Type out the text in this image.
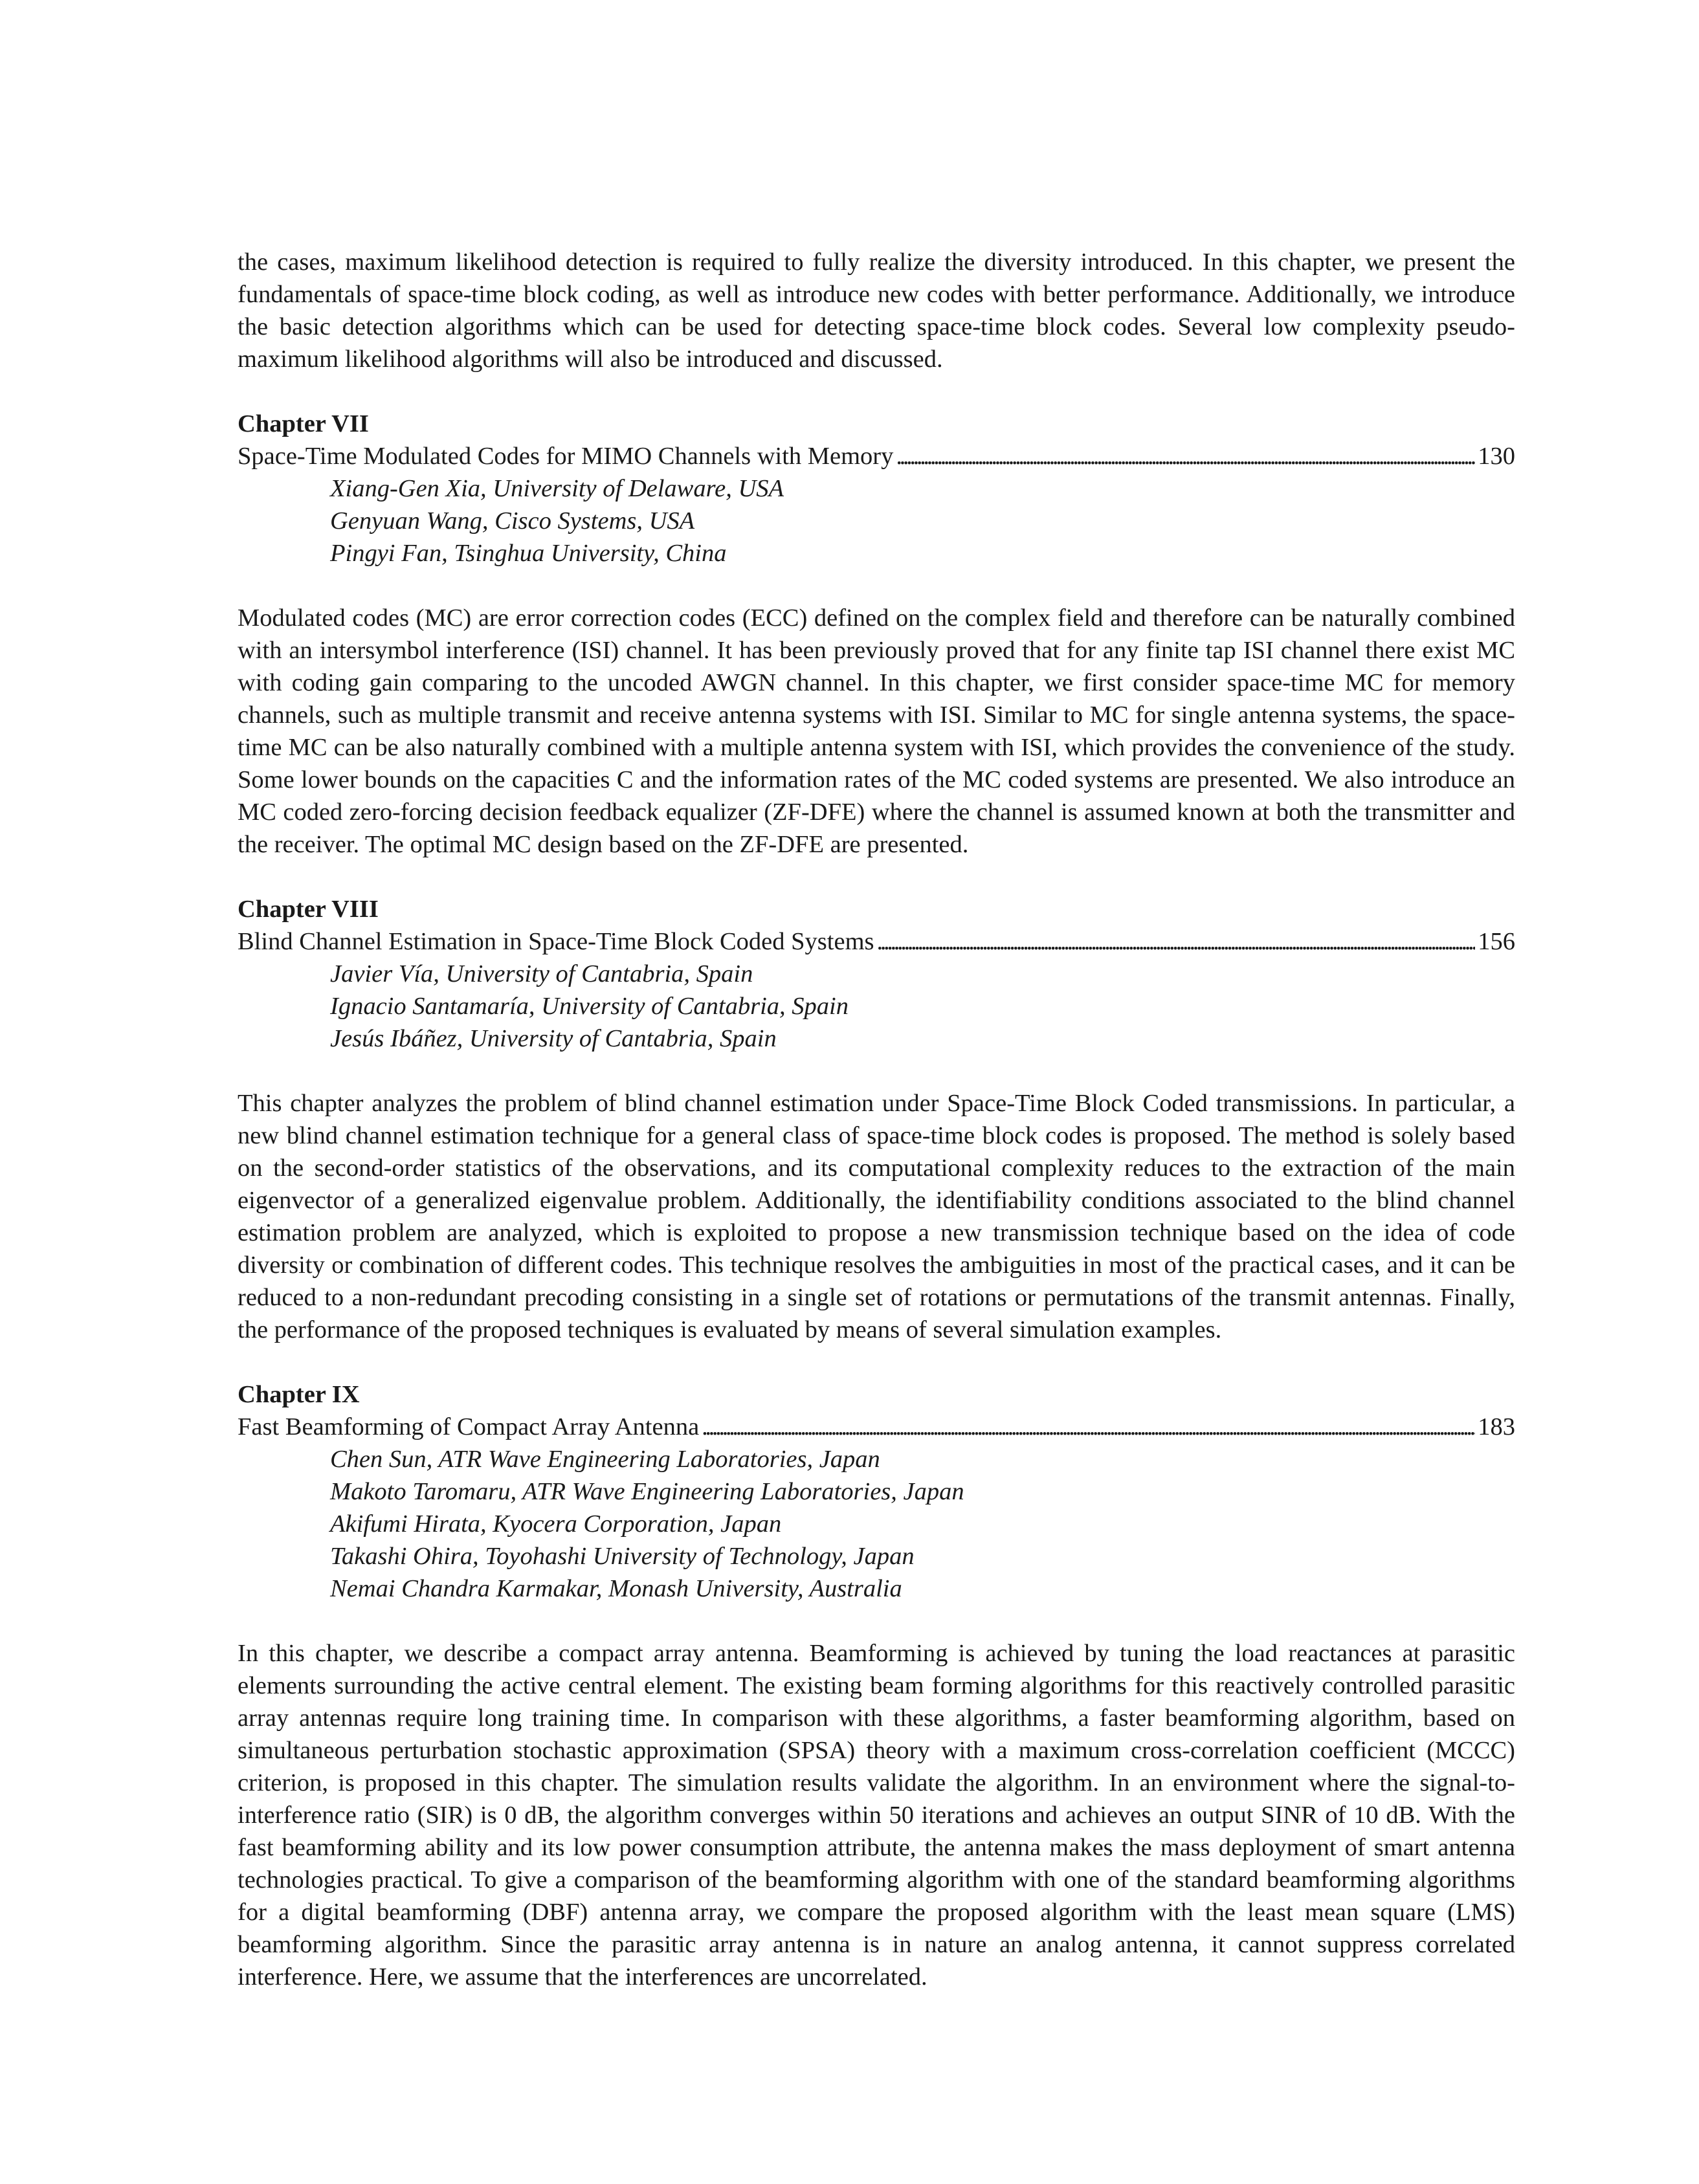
the cases, maximum likelihood detection is required to fully realize the diversity introduced. In this chapter, we present the fundamentals of space-time block coding, as well as introduce new codes with better performance. Additionally, we introduce the basic detection algorithms which can be used for detecting space-time block codes. Several low complexity pseudo-maximum likelihood algorithms will also be introduced and discussed.

Chapter VII

Space-Time Modulated Codes for MIMO Channels with Memory . . .	130

Xiang-Gen Xia, University of Delaware, USA
Genyuan Wang, Cisco Systems, USA
Pingyi Fan, Tsinghua University, China

Modulated codes (MC) are error correction codes (ECC) defined on the complex field and therefore can be naturally combined with an intersymbol interference (ISI) channel. It has been previously proved that for any finite tap ISI channel there exist MC with coding gain comparing to the uncoded AWGN channel. In this chapter, we first consider space-time MC for memory channels, such as multiple transmit and receive antenna systems with ISI. Similar to MC for single antenna systems, the space-time MC can be also naturally combined with a multiple antenna system with ISI, which provides the convenience of the study. Some lower bounds on the capacities C and the information rates of the MC coded systems are presented. We also introduce an MC coded zero-forcing decision feedback equalizer (ZF-DFE) where the channel is assumed known at both the transmitter and the receiver. The optimal MC design based on the ZF-DFE are presented.

Chapter VIII

Blind Channel Estimation in Space-Time Block Coded Systems . . .	156

Javier Vía, University of Cantabria, Spain
Ignacio Santamaría, University of Cantabria, Spain
Jesús Ibáñez, University of Cantabria, Spain

This chapter analyzes the problem of blind channel estimation under Space-Time Block Coded transmissions. In particular, a new blind channel estimation technique for a general class of space-time block codes is proposed. The method is solely based on the second-order statistics of the observations, and its computational complexity reduces to the extraction of the main eigenvector of a generalized eigenvalue problem. Additionally, the identifiability conditions associated to the blind channel estimation problem are analyzed, which is exploited to propose a new transmission technique based on the idea of code diversity or combination of different codes. This technique resolves the ambiguities in most of the practical cases, and it can be reduced to a non-redundant precoding consisting in a single set of rotations or permutations of the transmit antennas. Finally, the performance of the proposed techniques is evaluated by means of several simulation examples.

Chapter IX

Fast Beamforming of Compact Array Antenna . . .	183

Chen Sun, ATR Wave Engineering Laboratories, Japan
Makoto Taromaru, ATR Wave Engineering Laboratories, Japan
Akifumi Hirata, Kyocera Corporation, Japan
Takashi Ohira, Toyohashi University of Technology, Japan
Nemai Chandra Karmakar, Monash University, Australia

In this chapter, we describe a compact array antenna. Beamforming is achieved by tuning the load reactances at parasitic elements surrounding the active central element. The existing beam forming algorithms for this reactively controlled parasitic array antennas require long training time. In comparison with these algorithms, a faster beamforming algorithm, based on simultaneous perturbation stochastic approximation (SPSA) theory with a maximum cross-correlation coefficient (MCCC) criterion, is proposed in this chapter. The simulation results validate the algorithm. In an environment where the signal-to-interference ratio (SIR) is 0 dB, the algorithm converges within 50 iterations and achieves an output SINR of 10 dB. With the fast beamforming ability and its low power consumption attribute, the antenna makes the mass deployment of smart antenna technologies practical. To give a comparison of the beamforming algorithm with one of the standard beamforming algorithms for a digital beamforming (DBF) antenna array, we compare the proposed algorithm with the least mean square (LMS) beamforming algorithm. Since the parasitic array antenna is in nature an analog antenna, it cannot suppress correlated interference. Here, we assume that the interferences are uncorrelated.
